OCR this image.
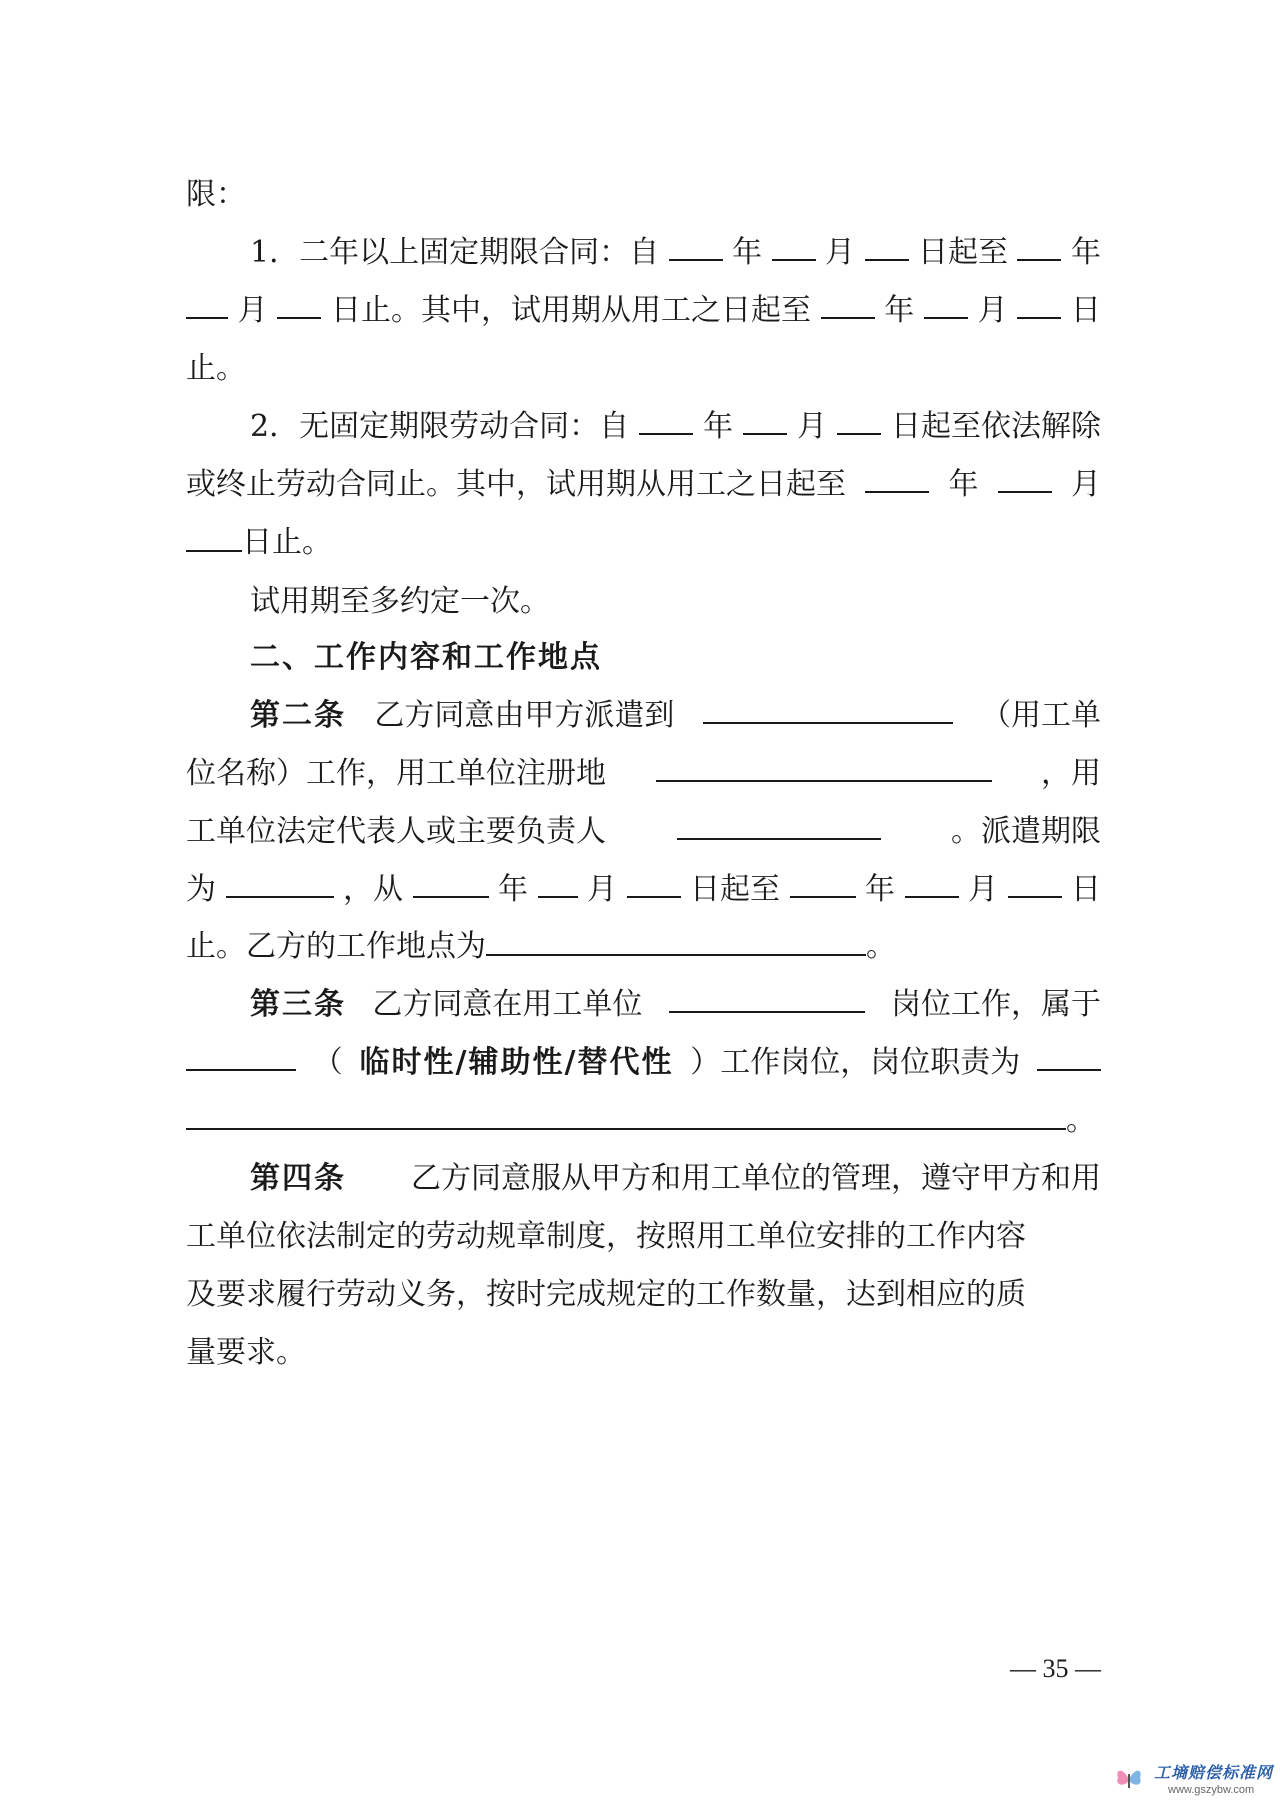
限：
1．二年以上固定期限合同：自 年 月 日起至 年
月 日止。其中，试用期从用工之日起至 年 月 日
止。
2．无固定期限劳动合同：自 年 月 日起至依法解除
或终止劳动合同止。其中，试用期从用工之日起至	年	月
日止。
试用期至多约定一次。
二、工作内容和工作地点
第二条 乙方同意由甲方派遣到	（用工单
位名称）工作，用工单位注册地	，用
工单位法定代表人或主要负责人	。派遣期限
为	，从	年 月 日起至	年 月 日
止。乙方的工作地点为	。
第三条 乙方同意在用工单位	岗位工作，属于
（ 临时性/辅助性/替代性 ）工作岗位，岗位职责为
。
第四条 乙方同意服从甲方和用工单位的管理，遵守甲方和用
工单位依法制定的劳动规章制度，按照用工单位安排的工作内容
及要求履行劳动义务，按时完成规定的工作数量，达到相应的质
量要求。
— 35 —
工墒赔偿标准网
www.gszybw.com
